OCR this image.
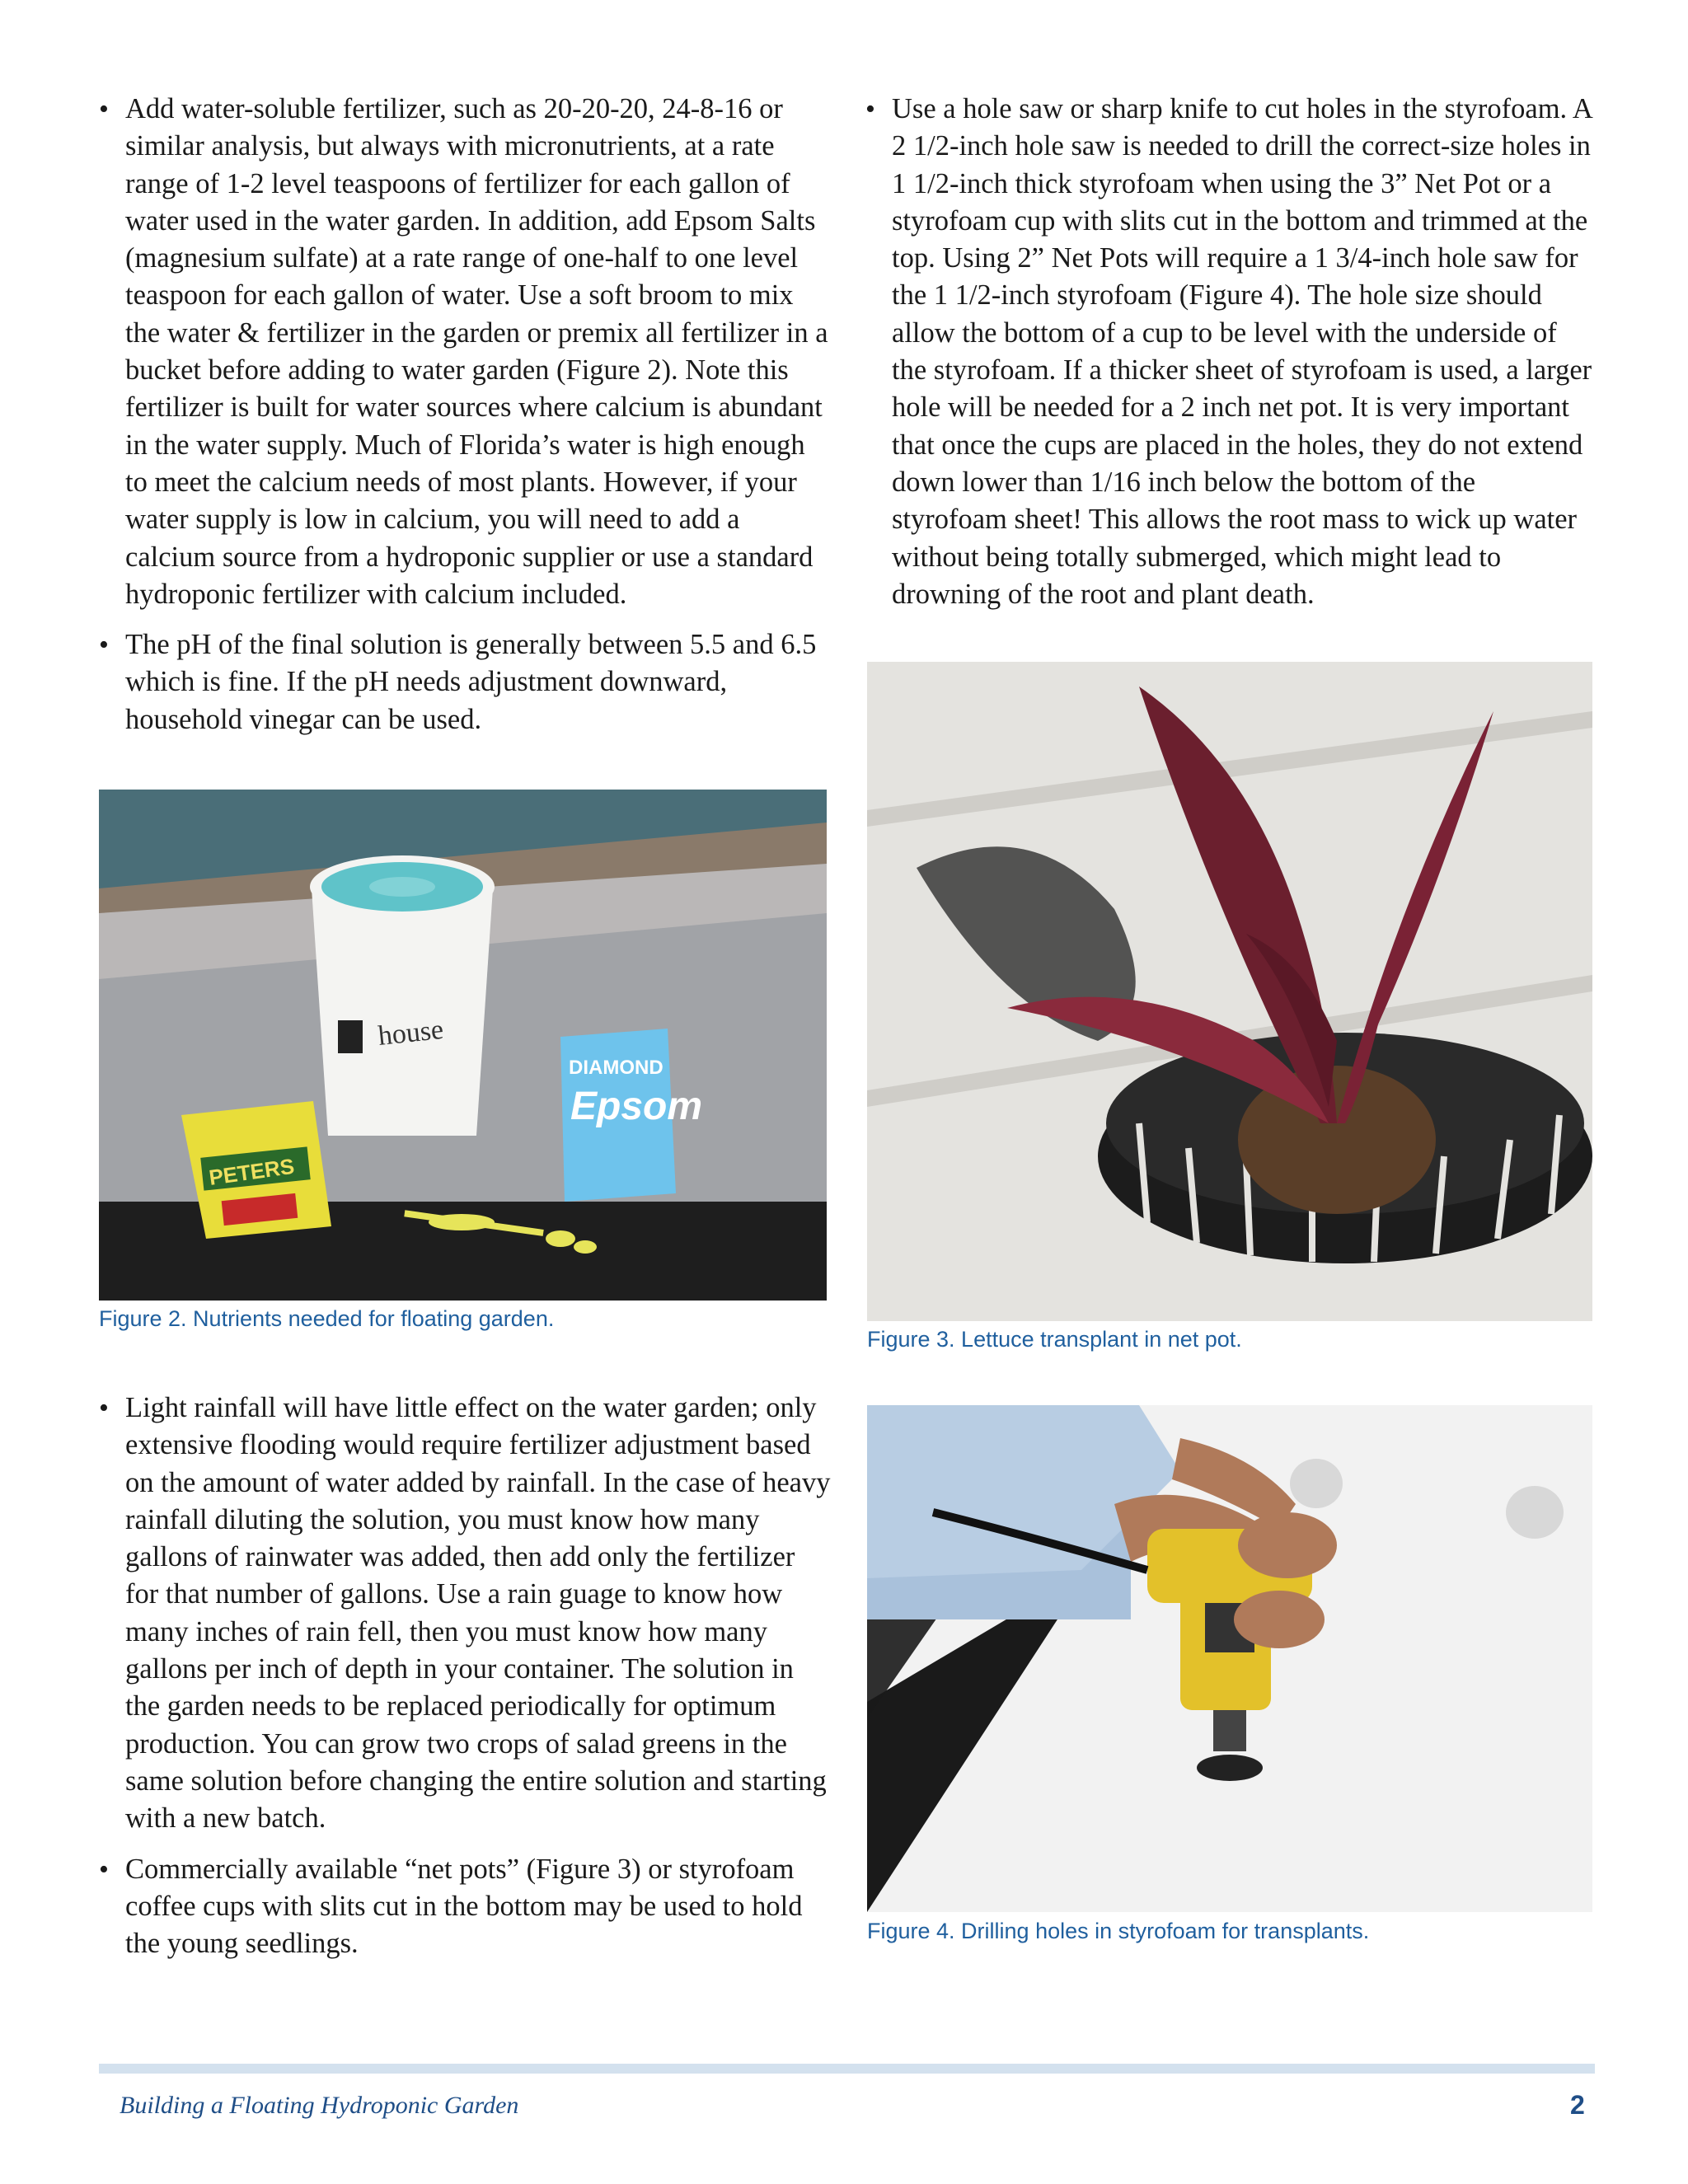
• Add water-soluble fertilizer, such as 20-20-20, 24-8-16 or similar analysis, but always with micronutrients, at a rate range of 1-2 level teaspoons of fertilizer for each gallon of water used in the water garden. In addition, add Epsom Salts (magnesium sulfate) at a rate range of one-half to one level teaspoon for each gallon of water. Use a soft broom to mix the water & fertilizer in the garden or premix all fertilizer in a bucket before adding to water garden (Figure 2). Note this fertilizer is built for water sources where calcium is abundant in the water supply. Much of Florida’s water is high enough to meet the calcium needs of most plants. However, if your water supply is low in calcium, you will need to add a calcium source from a hydroponic supplier or use a standard hydroponic fertilizer with calcium included.
• The pH of the final solution is generally between 5.5 and 6.5 which is fine. If the pH needs adjustment downward, household vinegar can be used.
house
PETERS
DIAMOND
Epsom
Figure 2. Nutrients needed for floating garden.
• Light rainfall will have little effect on the water garden; only extensive flooding would require fertilizer adjustment based on the amount of water added by rainfall. In the case of heavy rainfall diluting the solution, you must know how many gallons of rainwater was added, then add only the fertilizer for that number of gallons. Use a rain guage to know how many inches of rain fell, then you must know how many gallons per inch of depth in your container. The solution in the garden needs to be replaced periodically for optimum production. You can grow two crops of salad greens in the same solution before changing the entire solution and starting with a new batch.
• Commercially available “net pots” (Figure 3) or styrofoam coffee cups with slits cut in the bottom may be used to hold the young seedlings.
• Use a hole saw or sharp knife to cut holes in the styrofoam. A 2 1/2-inch hole saw is needed to drill the correct-size holes in 1 1/2-inch thick styrofoam when using the 3” Net Pot or a styrofoam cup with slits cut in the bottom and trimmed at the top. Using 2” Net Pots will require a 1 3/4-inch hole saw for the 1 1/2-inch styrofoam (Figure 4). The hole size should allow the bottom of a cup to be level with the underside of the styrofoam. If a thicker sheet of styrofoam is used, a larger hole will be needed for a 2 inch net pot. It is very important that once the cups are placed in the holes, they do not extend down lower than 1/16 inch below the bottom of the styrofoam sheet! This allows the root mass to wick up water without being totally submerged, which might lead to drowning of the root and plant death.
Figure 3. Lettuce transplant in net pot.
Figure 4. Drilling holes in styrofoam for transplants.
Building a Floating Hydroponic Garden	2
